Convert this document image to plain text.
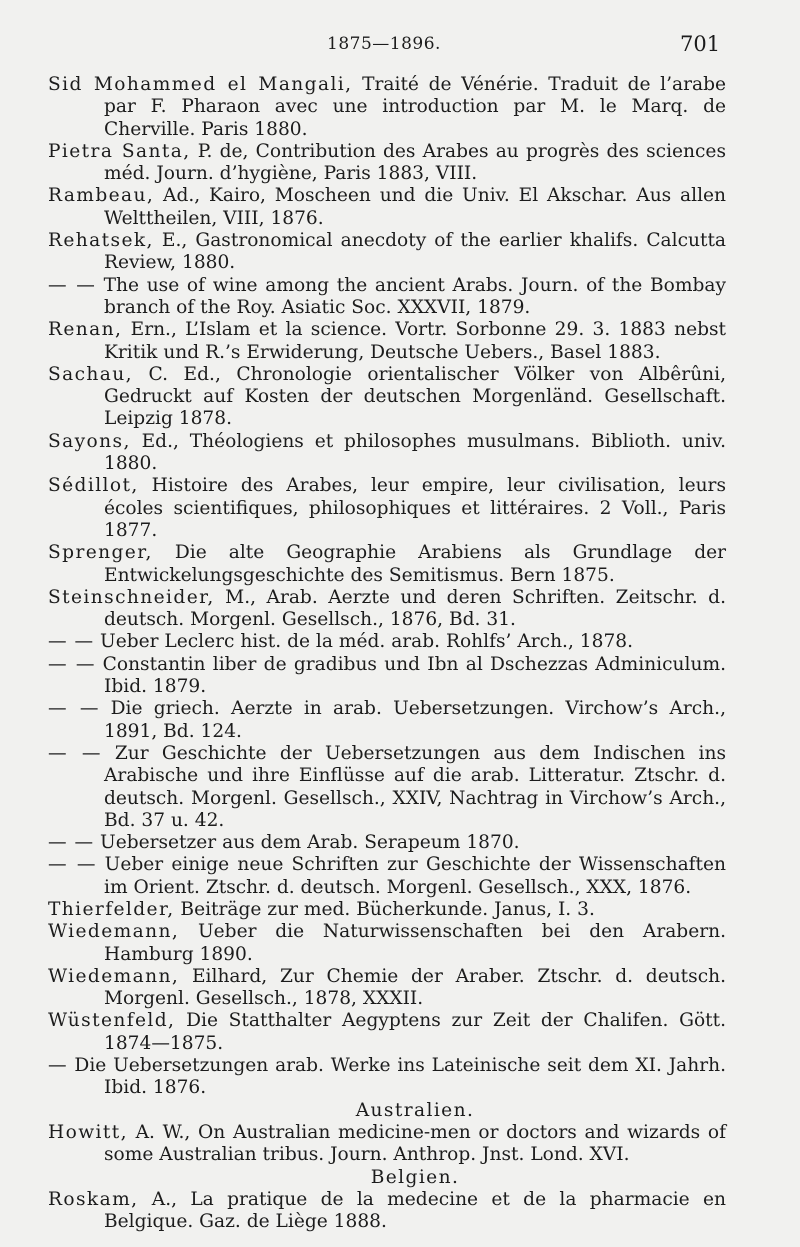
1875—1896.	701
Sid Mohammed el Mangali, Traité de Vénérie. Traduit de l’arabe par F. Pharaon avec une introduction par M. le Marq. de Cherville. Paris 1880.
Pietra Santa, P. de, Contribution des Arabes au progrès des sciences méd. Journ. d’hygiène, Paris 1883, VIII.
Rambeau, Ad., Kairo, Moscheen und die Univ. El Akschar. Aus allen Welttheilen, VIII, 1876.
Rehatsek, E., Gastronomical anecdoty of the earlier khalifs. Calcutta Review, 1880.
— — The use of wine among the ancient Arabs. Journ. of the Bombay branch of the Roy. Asiatic Soc. XXXVII, 1879.
Renan, Ern., L’Islam et la science. Vortr. Sorbonne 29. 3. 1883 nebst Kritik und R.’s Erwiderung, Deutsche Uebers., Basel 1883.
Sachau, C. Ed., Chronologie orientalischer Völker von Albêrûni, Gedruckt auf Kosten der deutschen Morgenländ. Gesellschaft. Leipzig 1878.
Sayons, Ed., Théologiens et philosophes musulmans. Biblioth. univ. 1880.
Sédillot, Histoire des Arabes, leur empire, leur civilisation, leurs écoles scientifiques, philosophiques et littéraires. 2 Voll., Paris 1877.
Sprenger, Die alte Geographie Arabiens als Grundlage der Entwickelungsgeschichte des Semitismus. Bern 1875.
Steinschneider, M., Arab. Aerzte und deren Schriften. Zeitschr. d. deutsch. Morgenl. Gesellsch., 1876, Bd. 31.
— — Ueber Leclerc hist. de la méd. arab. Rohlfs’ Arch., 1878.
— — Constantin liber de gradibus und Ibn al Dschezzas Adminiculum. Ibid. 1879.
— — Die griech. Aerzte in arab. Uebersetzungen. Virchow’s Arch., 1891, Bd. 124.
— — Zur Geschichte der Uebersetzungen aus dem Indischen ins Arabische und ihre Einflüsse auf die arab. Litteratur. Ztschr. d. deutsch. Morgenl. Gesellsch., XXIV, Nachtrag in Virchow’s Arch., Bd. 37 u. 42.
— — Uebersetzer aus dem Arab. Serapeum 1870.
— — Ueber einige neue Schriften zur Geschichte der Wissenschaften im Orient. Ztschr. d. deutsch. Morgenl. Gesellsch., XXX, 1876.
Thierfelder, Beiträge zur med. Bücherkunde. Janus, I. 3.
Wiedemann, Ueber die Naturwissenschaften bei den Arabern. Hamburg 1890.
Wiedemann, Eilhard, Zur Chemie der Araber. Ztschr. d. deutsch. Morgenl. Gesellsch., 1878, XXXII.
Wüstenfeld, Die Statthalter Aegyptens zur Zeit der Chalifen. Gött. 1874—1875.
— Die Uebersetzungen arab. Werke ins Lateinische seit dem XI. Jahrh. Ibid. 1876.
Australien.
Howitt, A. W., On Australian medicine-men or doctors and wizards of some Australian tribus. Journ. Anthrop. Jnst. Lond. XVI.
Belgien.
Roskam, A., La pratique de la medecine et de la pharmacie en Belgique. Gaz. de Liège 1888.
